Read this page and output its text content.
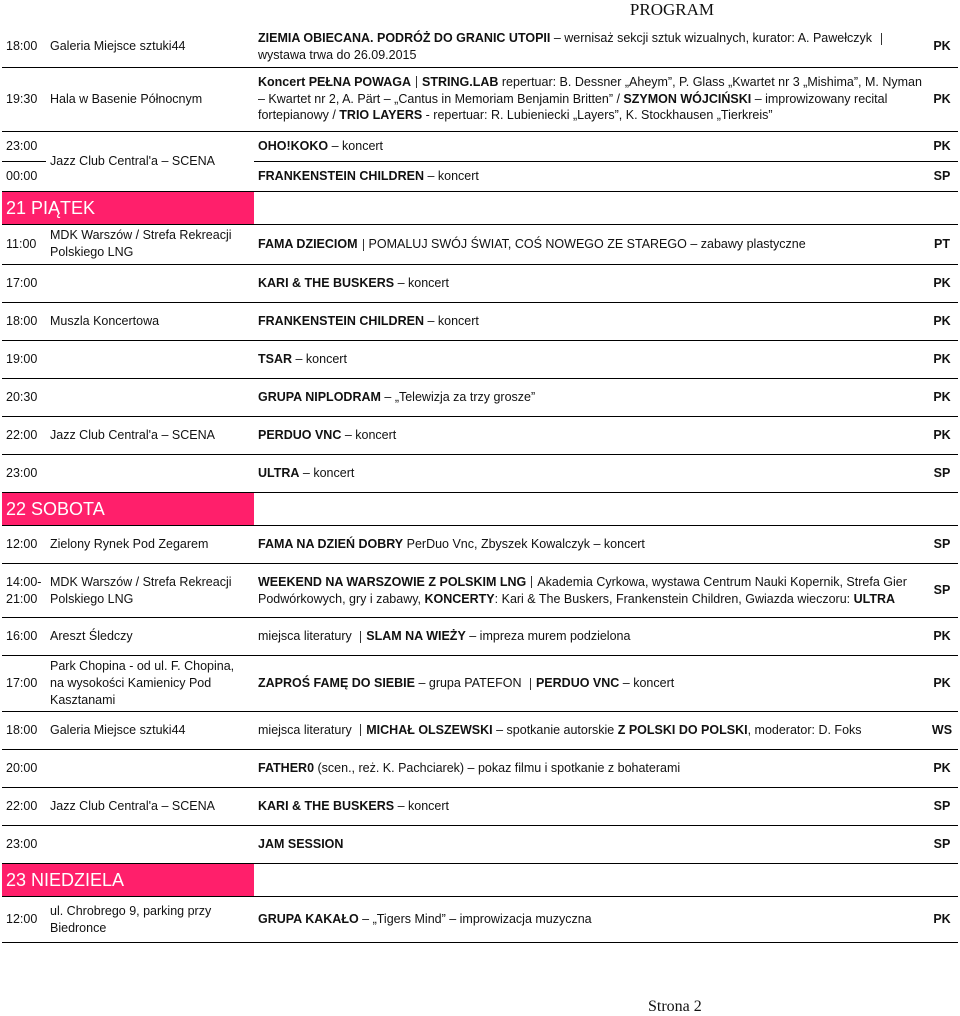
PROGRAM
18:00	Galeria Miejsce sztuki44	ZIEMIA OBIECANA. PODRÓŻ DO GRANIC UTOPII – wernisaż sekcji sztuk wizualnych, kurator: A. Pawełczyk  wystawa trwa do 26.09.2015	PK
19:30	Hala w Basenie Północnym	Koncert PEŁNA POWAGA STRING.LAB repertuar: B. Dessner „Aheym”, P. Glass „Kwartet nr 3 „Mishima”, M. Nyman – Kwartet nr 2, A. Pärt – „Cantus in Memoriam Benjamin Britten” / SZYMON WÓJCIŃSKI – improwizowany recital fortepianowy / TRIO LAYERS - repertuar: R. Lubieniecki „Layers”, K. Stockhausen „Tierkreis”	PK
23:00	Jazz Club Central'a – SCENA	OHO!KOKO – koncert	PK
00:00		FRANKENSTEIN CHILDREN – koncert	SP
21 PIĄTEK			
11:00	MDK Warszów / Strefa Rekreacji Polskiego LNG	FAMA DZIECIOM POMALUJ SWÓJ ŚWIAT, COŚ NOWEGO ZE STAREGO – zabawy plastyczne	PT
17:00		KARI & THE BUSKERS – koncert	PK
18:00	Muszla Koncertowa	FRANKENSTEIN CHILDREN – koncert	PK
19:00		TSAR – koncert	PK
20:30		GRUPA NIPLODRAM – „Telewizja za trzy grosze”	PK
22:00	Jazz Club Central'a – SCENA	PERDUO VNC – koncert	PK
23:00		ULTRA – koncert	SP
22 SOBOTA			
12:00	Zielony Rynek Pod Zegarem	FAMA NA DZIEŃ DOBRY PerDuo Vnc, Zbyszek Kowalczyk – koncert	SP
14:00-21:00	MDK Warszów / Strefa Rekreacji Polskiego LNG	WEEKEND NA WARSZOWIE Z POLSKIM LNG Akademia Cyrkowa, wystawa Centrum Nauki Kopernik, Strefa Gier Podwórkowych, gry i zabawy, KONCERTY: Kari & The Buskers, Frankenstein Children, Gwiazda wieczoru: ULTRA	SP
16:00	Areszt Śledczy	miejsca literatury SLAM NA WIEŻY – impreza murem podzielona	PK
17:00	Park Chopina - od ul. F. Chopina, na wysokości Kamienicy Pod Kasztanami	ZAPROŚ FAMĘ DO SIEBIE – grupa PATEFON PERDUO VNC – koncert	PK
18:00	Galeria Miejsce sztuki44	miejsca literatury MICHAŁ OLSZEWSKI – spotkanie autorskie Z POLSKI DO POLSKI, moderator: D. Foks	WS
20:00		FATHER0 (scen., reż. K. Pachciarek) – pokaz filmu i spotkanie z bohaterami	PK
22:00	Jazz Club Central'a – SCENA	KARI & THE BUSKERS – koncert	SP
23:00		JAM SESSION	SP
23 NIEDZIELA			
12:00	ul. Chrobrego 9, parking przy Biedronce	GRUPA KAKAŁO – „Tigers Mind” – improwizacja muzyczna	PK
Strona 2
